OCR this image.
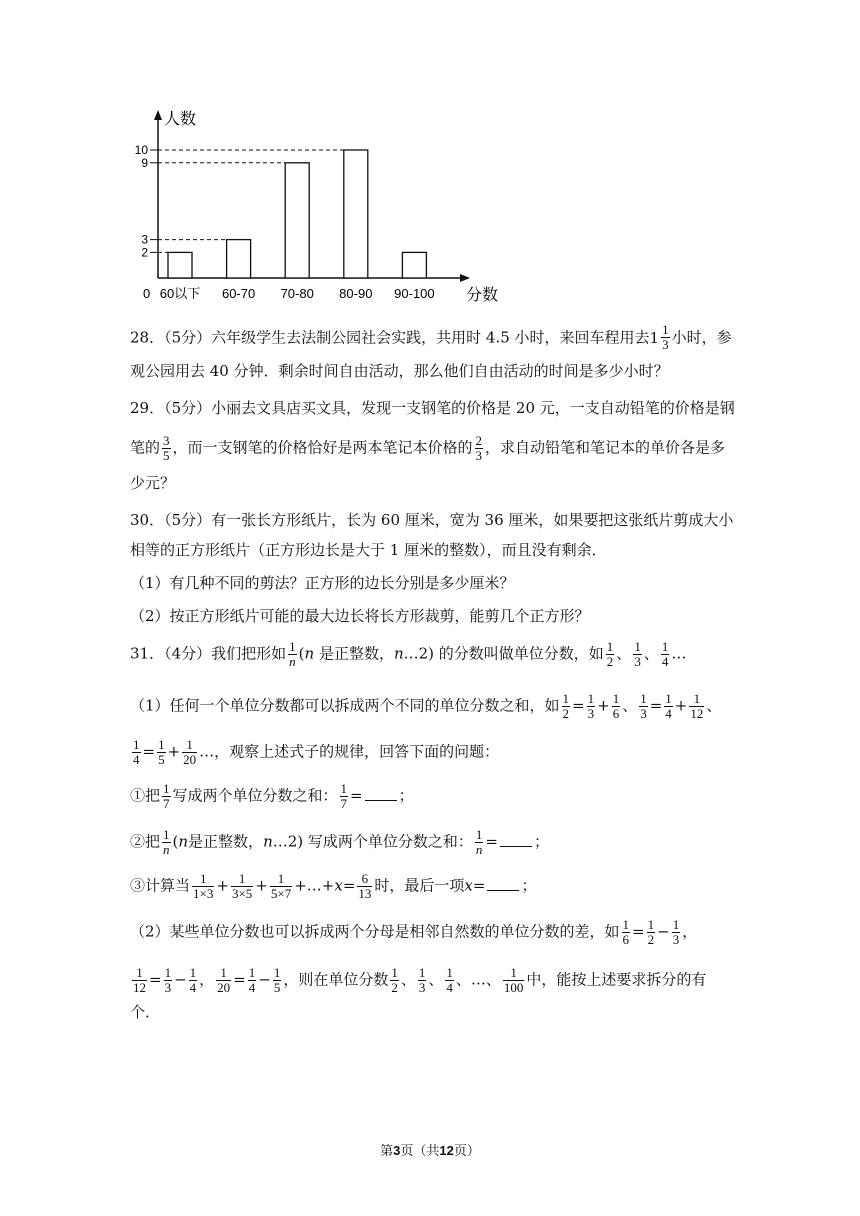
人数
分数
0 60以下 60-70 70-80 80-90 90-100
2
3
9
10
28．（5分）六年级学生去法制公园社会实践，共用时 4.5 小时，来回车程用去 $1 \frac{1}{3}$ 小时，参
观公园用去 40 分钟．剩余时间自由活动，那么他们自由活动的时间是多少小时？
29．（5分）小丽去文具店买文具，发现一支钢笔的价格是 20 元，一支自动铅笔的价格是钢
笔的 $\frac{3}{5}$ ，而一支钢笔的价格恰好是两本笔记本价格的 $\frac{2}{3}$ ，求自动铅笔和笔记本的单价各是多
少元？
30．（5分）有一张长方形纸片，长为 60 厘米，宽为 36 厘米，如果要把这张纸片剪成大小
相等的正方形纸片（正方形边长是大于 1 厘米的整数），而且没有剩余．
（1）有几种不同的剪法？正方形的边长分别是多少厘米？
（2）按正方形纸片可能的最大边长将长方形裁剪，能剪几个正方形？
31．（4分）我们把形如 $\frac{1}{n} (n$ 是正整数，n…2) 的分数叫做单位分数，如 $\frac{1}{2}$ 、 $\frac{1}{3}$ 、 $\frac{1}{4}$ …
（1）任何一个单位分数都可以拆成两个不同的单位分数之和，如 $\frac{1}{2} = \frac{1}{3} + \frac{1}{6}$ 、 $\frac{1}{3} = \frac{1}{4} + \frac{1}{12}$ 、
$\frac{1}{4} = \frac{1}{5} + \frac{1}{20}$ …，观察上述式子的规律，回答下面的问题：
①把 $\frac{1}{7}$ 写成两个单位分数之和： $\frac{1}{7}$ = ；
②把 $\frac{1}{n} (n$是正整数，n…2) 写成两个单位分数之和： $\frac{1}{n}$ = ；
③计算当 $\frac{1}{1\times 3} + \frac{1}{3\times 5} + \frac{1}{5\times 7}$ +…+x= $\frac{6}{13}$ 时，最后一项x= ；
（2）某些单位分数也可以拆成两个分母是相邻自然数的单位分数的差，如 $\frac{1}{6} = \frac{1}{2} - \frac{1}{3}$ ，
$\frac{1}{12} = \frac{1}{3} - \frac{1}{4}$ ， $\frac{1}{20} = \frac{1}{4} - \frac{1}{5}$ ，则在单位分数 $\frac{1}{2}$ 、 $\frac{1}{3}$ 、 $\frac{1}{4}$ 、…、 $\frac{1}{100}$ 中，能按上述要求拆分的有
个．
第3页（共12页）
